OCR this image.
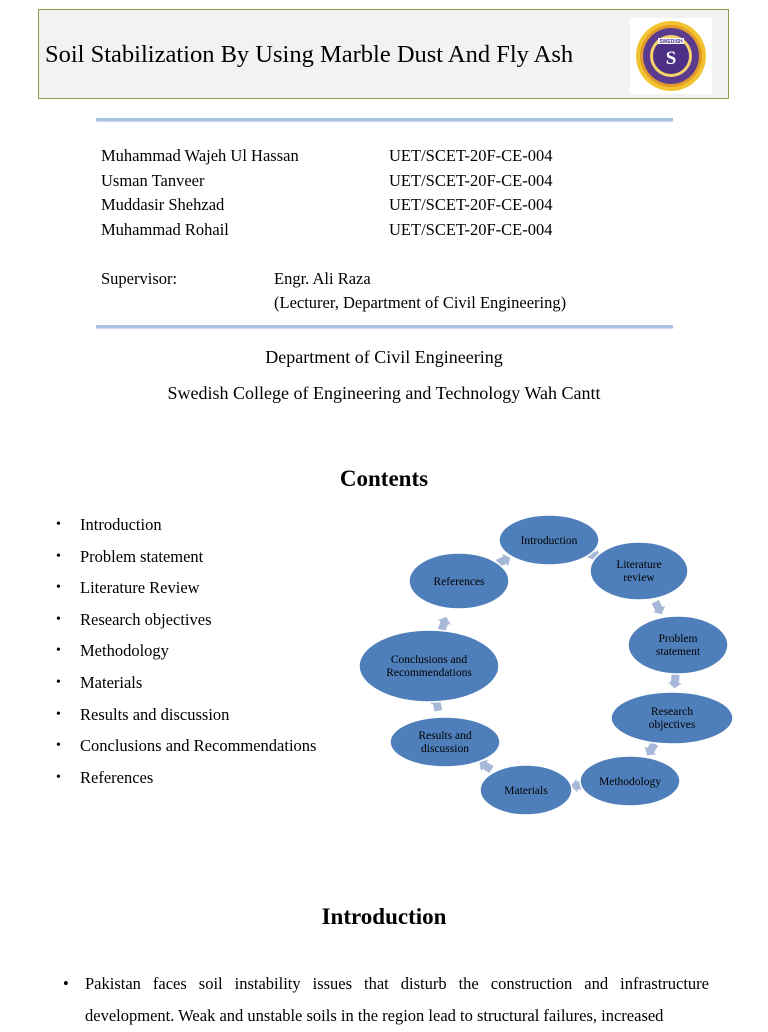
Soil Stabilization By Using Marble Dust And Fly Ash	SWEDISH
S
Muhammad Wajeh Ul Hassan	UET/SCET-20F-CE-004
Usman Tanveer	UET/SCET-20F-CE-004
Muddasir Shehzad	UET/SCET-20F-CE-004
Muhammad Rohail	UET/SCET-20F-CE-004
Supervisor:	Engr. Ali Raza
(Lecturer, Department of Civil Engineering)
Department of Civil Engineering
Swedish College of Engineering and Technology Wah Cantt
Contents
• Introduction
• Problem statement
• Literature Review
• Research objectives
• Methodology
• Materials
• Results and discussion
• Conclusions and Recommendations
• References
Introduction
Literature
review
Problem
statement
Research
objectives
Methodology
Materials
Results and
discussion
Conclusions and
Recommendations
References
Introduction
• Pakistan faces soil instability issues that disturb the construction and infrastructure development. Weak and unstable soils in the region lead to structural failures, increased
